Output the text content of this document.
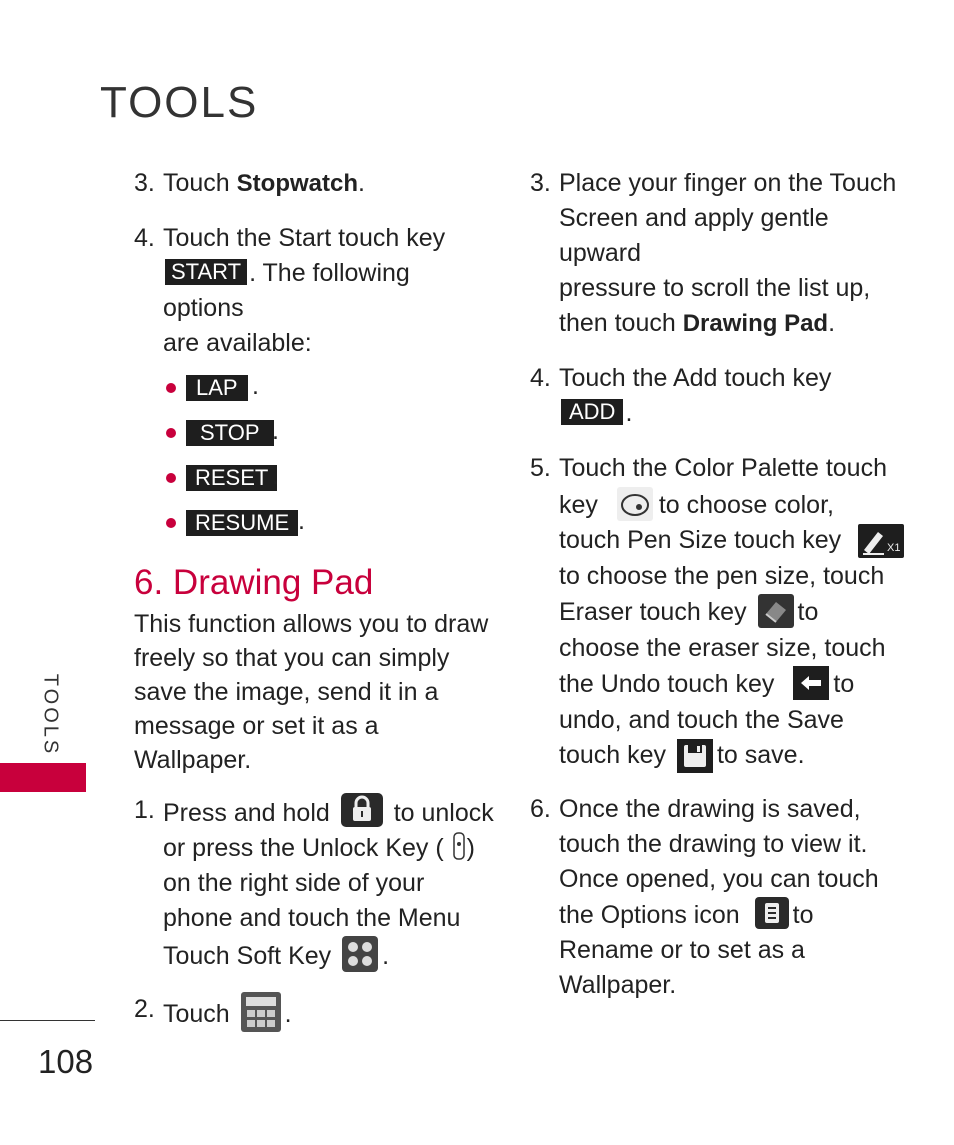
TOOLS
TOOLS
108
3. Touch Stopwatch.
4. Touch the Start touch key

START . The following options

are available:

LAP .
STOP .
RESET .
RESUME .
6. Drawing Pad

This function allows you to draw

freely so that you can simply

save the image, send it in a

message or set it as a Wallpaper.

1. Press and hold	to unlock

or press the Unlock Key ( )

on the right side of your

phone and touch the Menu

Touch Soft Key .

2. Touch .

3. Place your finger on the Touch

Screen and apply gentle upward

pressure to scroll the list up,

then touch Drawing Pad.

4. Touch the Add touch key

ADD .

5. Touch the Color Palette touch

key to choose color,

touch Pen Size touch key	X1

to choose the pen size, touch

Eraser touch key to

choose the eraser size, touch

the Undo touch key to

undo, and touch the Save

touch key to save.

6. Once the drawing is saved,

touch the drawing to view it.

Once opened, you can touch

the Options icon to

Rename or to set as a

Wallpaper.
